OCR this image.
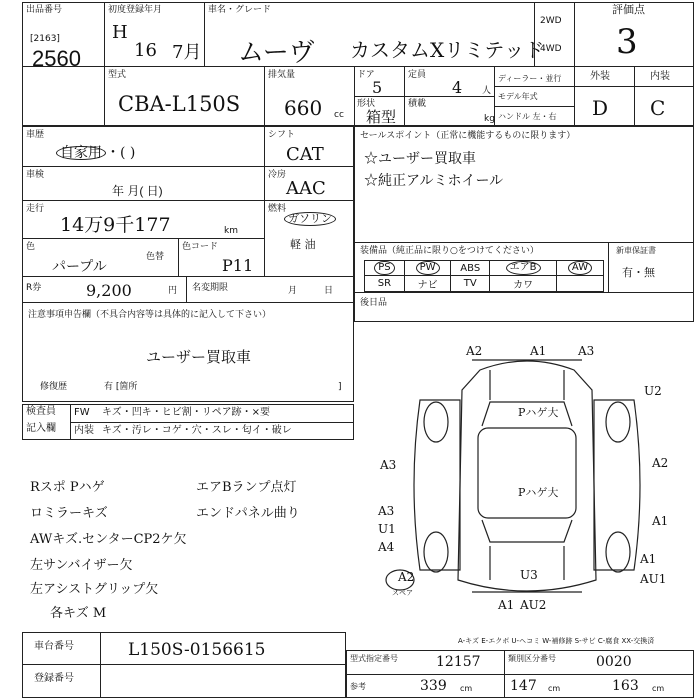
出品番号
[2163]
2560
初度登録年月
H
16 7月
車名・グレード
ムーヴ カスタムXリミテッド
2WD
4WD
評価点
3
型式
CBA-L150S
排気量
660 cc
ドア
5
定員
4 人
形状
箱型
積載
kg
ディーラー・並行
モデル年式
ハンドル 左・右
外装	内装
D C
車歴
自家用 ・( )
車検
年 月( 日)
走行
14万9千177	km
色
パープル
色替
色コード
P11
シフト
CAT
冷房
AAC
燃料
ガソリン
軽 油
R券	9,200	円 名変期限	月	日
セールスポイント（正常に機能するものに限ります）
☆ユーザー買取車
☆純正アルミホイール
装備品（純正品に限り○をつけてください）	新車保証書
有・無
PS	PW	ABS	エアB	AW
SR	ナビ	TV	カワ	
後日品
注意事項申告欄（不具合内容等は具体的に記入して下さい）
ユーザー買取車
修復歴	有 [箇所	]
検査員
記入欄
FW キズ・凹キ・ヒビ割・リペア跡・×要
内装 キズ・汚レ・コゲ・穴・スレ・匂イ・破レ
Rスポ Pハゲ
ロミラーキズ
AWキズ.センターCP2ケ欠
左サンバイザー欠
左アシストグリップ欠
各キズ M
エアBランプ点灯
エンドパネル曲り
A2	A1	A3
U2
A2
A1
A1
AU1
AU2
A1
A2
A3
A3
U1
A4
U3
Pハゲ大
Pハゲ大
スペア
A-キズ E-エクボ U-ヘコミ W-補修跡 S-サビ C-腐食 XX-交換済
車台番号	L150S-0156615
登録番号
型式指定番号	12157	類別区分番号	0020
参考	339 cm	147 cm	163 cm
